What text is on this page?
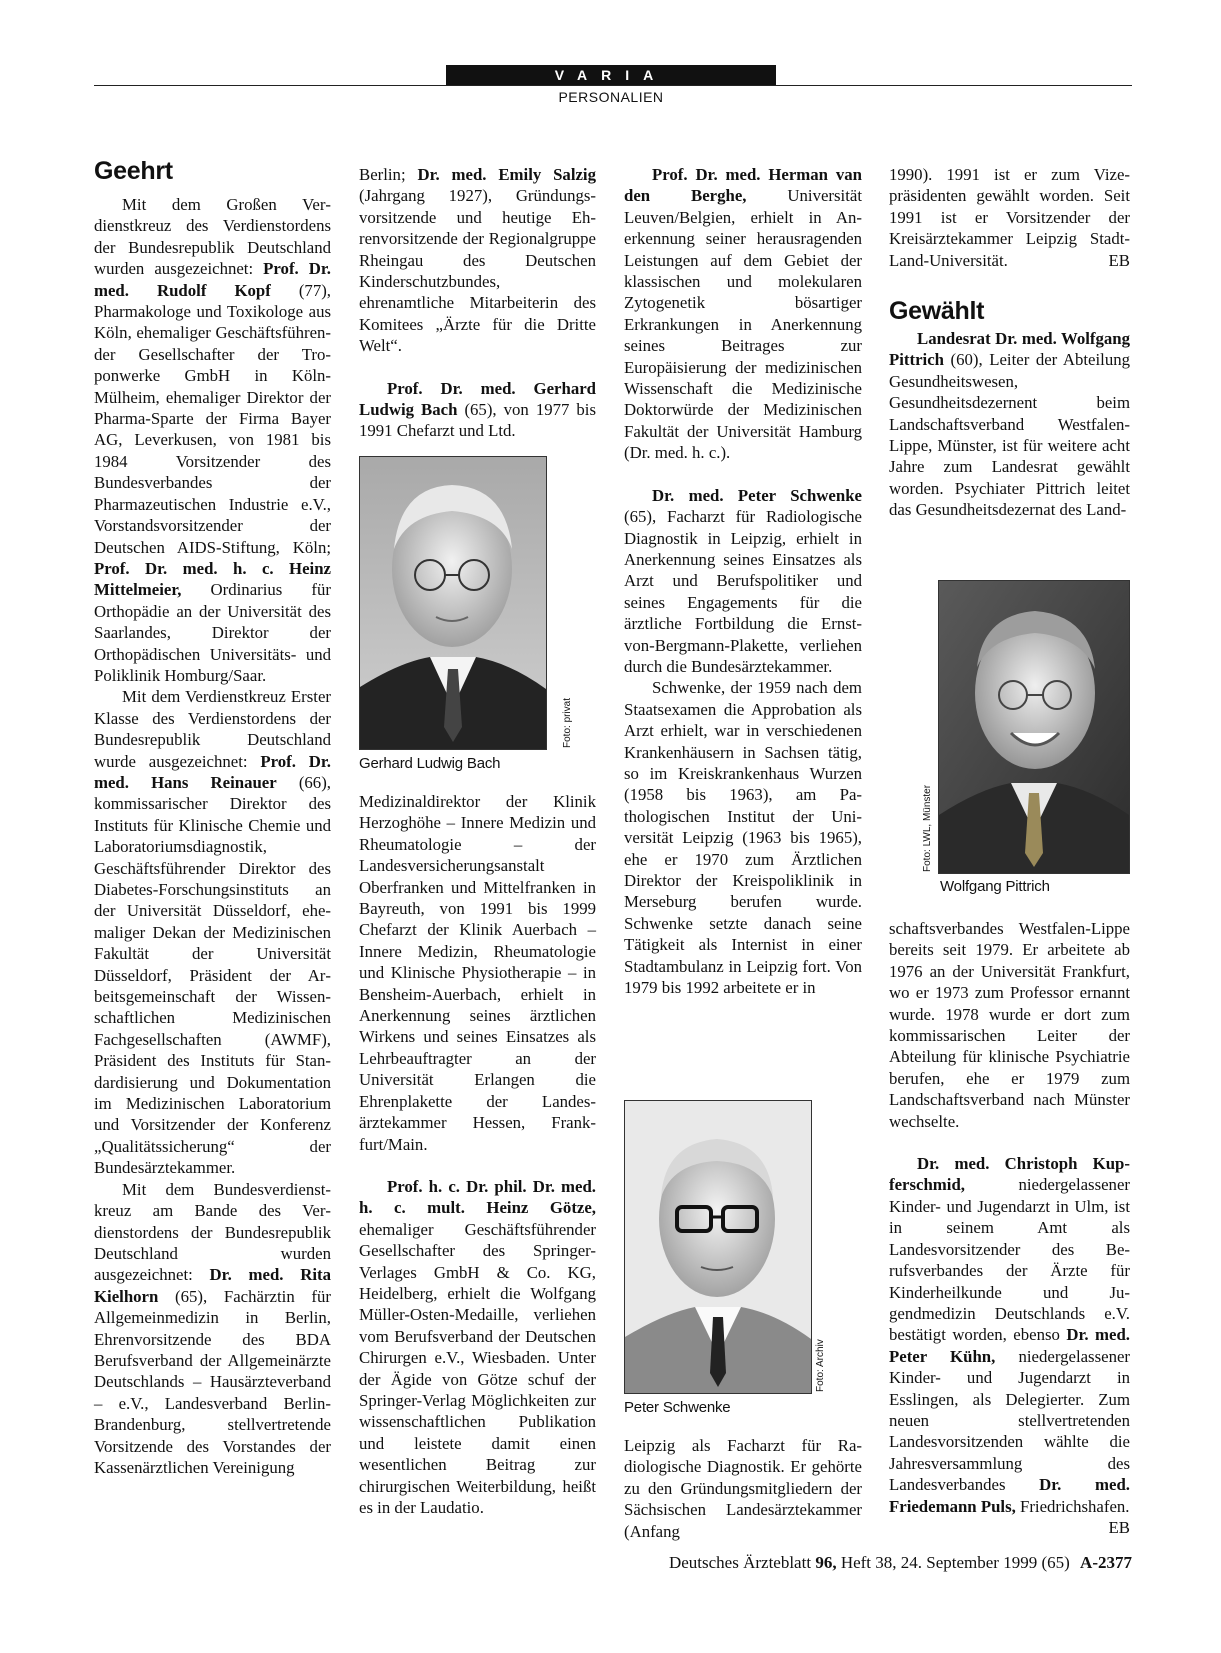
VARIA
PERSONALIEN
Geehrt

Mit dem Großen Verdienstkreuz des Verdienstordens der Bundesrepublik Deutschland wurden ausgezeichnet: Prof. Dr. med. Rudolf Kopf (77), Pharmakologe und Toxikologe aus Köln, ehemaliger Geschäftsführender Gesellschafter der Troponwerke GmbH in Köln-Mülheim, ehemaliger Direktor der Pharma-Sparte der Firma Bayer AG, Leverkusen, von 1981 bis 1984 Vorsitzender des Bundesverbandes der Pharmazeutischen Industrie e.V., Vorstandsvorsitzender der Deutschen AIDS-Stiftung, Köln; Prof. Dr. med. h. c. Heinz Mittelmeier, Ordinarius für Orthopädie an der Universität des Saarlandes, Direktor der Orthopädischen Universitäts- und Poliklinik Homburg/Saar.

Mit dem Verdienstkreuz Erster Klasse des Verdienstordens der Bundesrepublik Deutschland wurde ausgezeichnet: Prof. Dr. med. Hans Reinauer (66), kommissarischer Direktor des Instituts für Klinische Chemie und Laboratoriumsdiagnostik, Geschäftsführender Direktor des Diabetes-Forschungsinstituts an der Universität Düsseldorf, ehemaliger Dekan der Medizinischen Fakultät der Universität Düsseldorf, Präsident der Arbeitsgemeinschaft der Wissenschaftlichen Medizinischen Fachgesellschaften (AWMF), Präsident des Instituts für Standardisierung und Dokumentation im Medizinischen Laboratorium und Vorsitzender der Konferenz „Qualitätssicherung“ der Bundesärztekammer.

Mit dem Bundesverdienstkreuz am Bande des Verdienstordens der Bundesrepublik Deutschland wurden ausgezeichnet: Dr. med. Rita Kielhorn (65), Fachärztin für Allgemeinmedizin in Berlin, Ehrenvorsitzende des BDA Berufsverband der Allgemeinärzte Deutschlands – Hausärzteverband – e.V., Landesverband Berlin-Brandenburg, stellvertretende Vorsitzende des Vorstandes der Kassenärztlichen Vereinigung

Berlin; Dr. med. Emily Salzig (Jahrgang 1927), Gründungsvorsitzende und heutige Ehrenvorsitzende der Regionalgruppe Rheingau des Deutschen Kinderschutzbundes, ehrenamtliche Mitarbeiterin des Komitees „Ärzte für die Dritte Welt“.

Prof. Dr. med. Gerhard Ludwig Bach (65), von 1977 bis 1991 Chefarzt und Ltd.

Foto: privat
Gerhard Ludwig Bach

Medizinaldirektor der Klinik Herzoghöhe – Innere Medizin und Rheumatologie – der Landesversicherungsanstalt Oberfranken und Mittelfranken in Bayreuth, von 1991 bis 1999 Chefarzt der Klinik Auerbach – Innere Medizin, Rheumatologie und Klinische Physiotherapie – in Bensheim-Auerbach, erhielt in Anerkennung seines ärztlichen Wirkens und seines Einsatzes als Lehrbeauftragter an der Universität Erlangen die Ehrenplakette der Landesärztekammer Hessen, Frankfurt/Main.

Prof. h. c. Dr. phil. Dr. med. h. c. mult. Heinz Götze, ehemaliger Geschäftsführender Gesellschafter des Springer-Verlages GmbH & Co. KG, Heidelberg, erhielt die Wolfgang Müller-Osten-Medaille, verliehen vom Berufsverband der Deutschen Chirurgen e.V., Wiesbaden. Unter der Ägide von Götze schuf der Springer-Verlag Möglichkeiten zur wissenschaftlichen Publikation und leistete damit einen wesentlichen Beitrag zur chirurgischen Weiterbildung, heißt es in der Laudatio.

Prof. Dr. med. Herman van den Berghe, Universität Leuven/Belgien, erhielt in Anerkennung seiner herausragenden Leistungen auf dem Gebiet der klassischen und molekularen Zytogenetik bösartiger Erkrankungen in Anerkennung seines Beitrages zur Europäisierung der medizinischen Wissenschaft die Medizinische Doktorwürde der Medizinischen Fakultät der Universität Hamburg (Dr. med. h. c.).

Dr. med. Peter Schwenke (65), Facharzt für Radiologische Diagnostik in Leipzig, erhielt in Anerkennung seines Einsatzes als Arzt und Berufspolitiker und seines Engagements für die ärztliche Fortbildung die Ernst-von-Bergmann-Plakette, verliehen durch die Bundesärztekammer.

Schwenke, der 1959 nach dem Staatsexamen die Approbation als Arzt erhielt, war in verschiedenen Krankenhäusern in Sachsen tätig, so im Kreiskrankenhaus Wurzen (1958 bis 1963), am Pathologischen Institut der Universität Leipzig (1963 bis 1965), ehe er 1970 zum Ärztlichen Direktor der Kreispoliklinik in Merseburg berufen wurde. Schwenke setzte danach seine Tätigkeit als Internist in einer Stadtambulanz in Leipzig fort. Von 1979 bis 1992 arbeitete er in

Foto: Archiv
Peter Schwenke

Leipzig als Facharzt für Radiologische Diagnostik. Er gehörte zu den Gründungsmitgliedern der Sächsischen Landesärztekammer (Anfang

1990). 1991 ist er zum Vizepräsidenten gewählt worden. Seit 1991 ist er Vorsitzender der Kreisärztekammer Leipzig Stadt-Land-Universität.	EB

Gewählt

Landesrat Dr. med. Wolfgang Pittrich (60), Leiter der Abteilung Gesundheitswesen, Gesundheitsdezernent beim Landschaftsverband Westfalen-Lippe, Münster, ist für weitere acht Jahre zum Landesrat gewählt worden. Psychiater Pittrich leitet das Gesundheitsdezernat des Land-

Foto: LWL, Münster
Wolfgang Pittrich

schaftsverbandes Westfalen-Lippe bereits seit 1979. Er arbeitete ab 1976 an der Universität Frankfurt, wo er 1973 zum Professor ernannt wurde. 1978 wurde er dort zum kommissarischen Leiter der Abteilung für klinische Psychiatrie berufen, ehe er 1979 zum Landschaftsverband nach Münster wechselte.

Dr. med. Christoph Kupferschmid, niedergelassener Kinder- und Jugendarzt in Ulm, ist in seinem Amt als Landesvorsitzender des Berufsverbandes der Ärzte für Kinderheilkunde und Jugendmedizin Deutschlands e.V. bestätigt worden, ebenso Dr. med. Peter Kühn, niedergelassener Kinder- und Jugendarzt in Esslingen, als Delegierter. Zum neuen stellvertretenden Landesvorsitzenden wählte die Jahresversammlung des Landesverbandes Dr. med. Friedemann Puls, Friedrichshafen.
EB

Deutsches Ärzteblatt 96, Heft 38, 24. September 1999 (65) A-2377
